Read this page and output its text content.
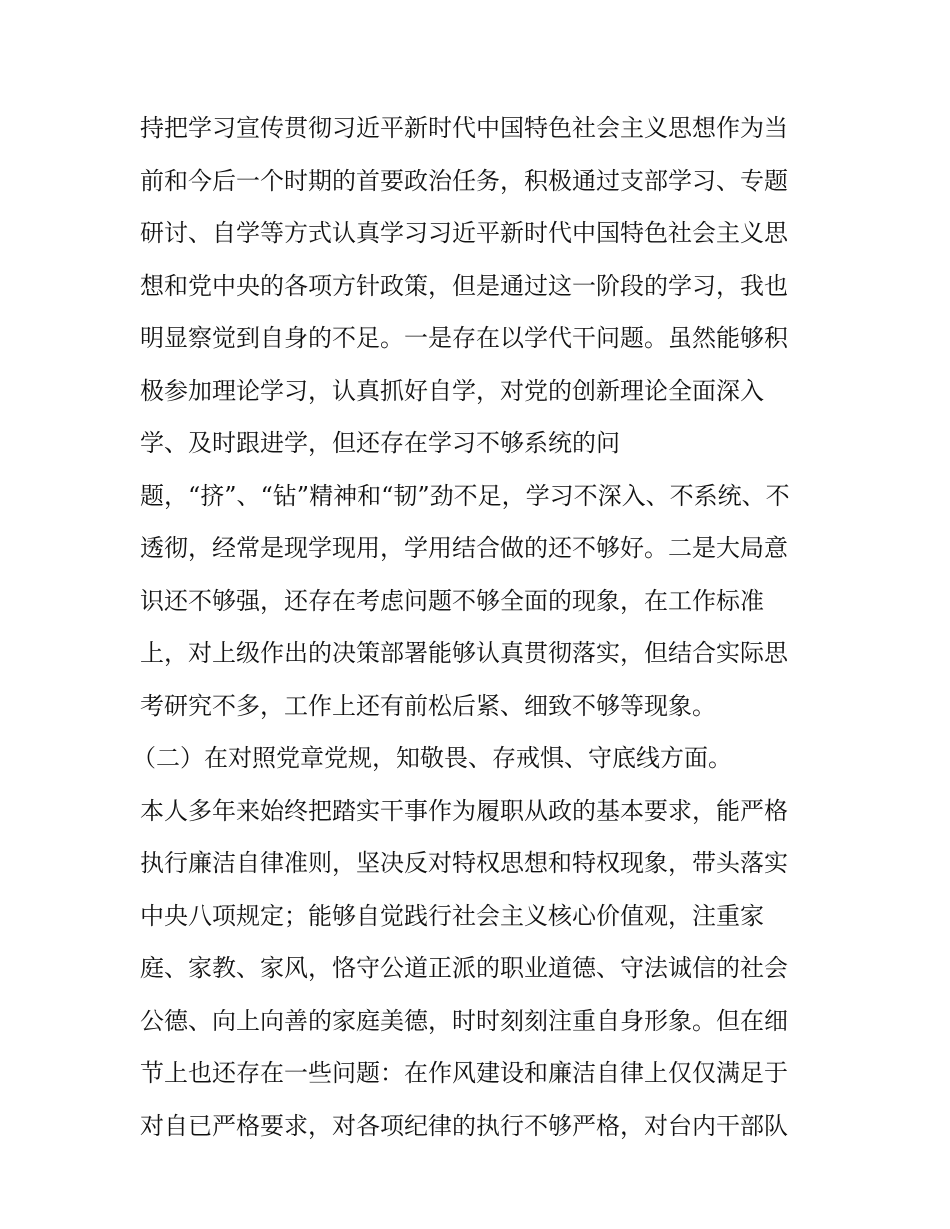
持把学习宣传贯彻习近平新时代中国特色社会主义思想作为当
前和今后一个时期的首要政治任务，积极通过支部学习、专题
研讨、自学等方式认真学习习近平新时代中国特色社会主义思
想和党中央的各项方针政策，但是通过这一阶段的学习，我也
明显察觉到自身的不足。一是存在以学代干问题。虽然能够积
极参加理论学习，认真抓好自学，对党的创新理论全面深入
学、及时跟进学，但还存在学习不够系统的问
题，“挤”、“钻”精神和“韧”劲不足，学习不深入、不系统、不
透彻，经常是现学现用，学用结合做的还不够好。二是大局意
识还不够强，还存在考虑问题不够全面的现象，在工作标准
上，对上级作出的决策部署能够认真贯彻落实，但结合实际思
考研究不多，工作上还有前松后紧、细致不够等现象。
（二）在对照党章党规，知敬畏、存戒惧、守底线方面。
本人多年来始终把踏实干事作为履职从政的基本要求，能严格
执行廉洁自律准则，坚决反对特权思想和特权现象，带头落实
中央八项规定；能够自觉践行社会主义核心价值观，注重家
庭、家教、家风，恪守公道正派的职业道德、守法诚信的社会
公德、向上向善的家庭美德，时时刻刻注重自身形象。但在细
节上也还存在一些问题：在作风建设和廉洁自律上仅仅满足于
对自已严格要求，对各项纪律的执行不够严格，对台内干部队
